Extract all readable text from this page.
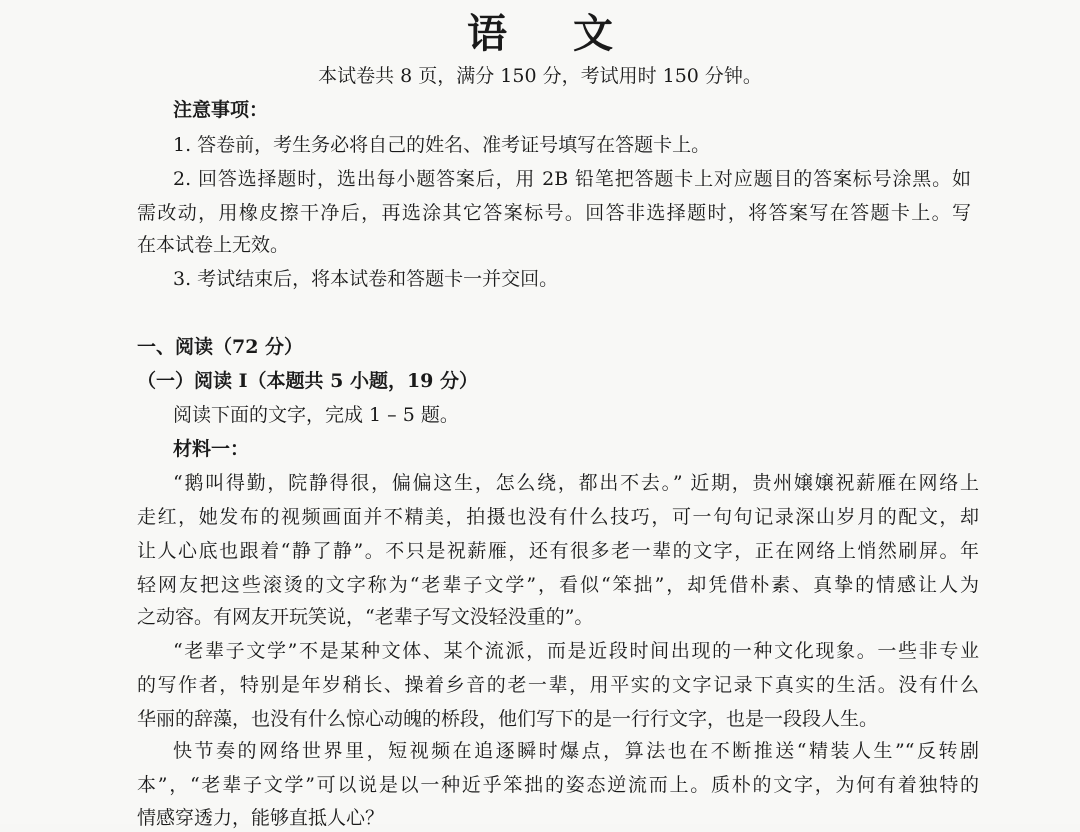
语 文
本试卷共 8 页，满分 150 分，考试用时 150 分钟。
注意事项：
1. 答卷前，考生务必将自己的姓名、准考证号填写在答题卡上。
2. 回答选择题时，选出每小题答案后，用 2B 铅笔把答题卡上对应题目的答案标号涂黑。如
需改动，用橡皮擦干净后，再选涂其它答案标号。回答非选择题时，将答案写在答题卡上。写
在本试卷上无效。
3. 考试结束后，将本试卷和答题卡一并交回。
一、阅读（72 分）
（一）阅读 I（本题共 5 小题，19 分）
阅读下面的文字，完成 1 – 5 题。
材料一：
“鹅叫得勤，院静得很，偏偏这生，怎么绕，都出不去。” 近期，贵州嬢嬢祝薪雁在网络上
走红，她发布的视频画面并不精美，拍摄也没有什么技巧，可一句句记录深山岁月的配文，却
让人心底也跟着“静了静”。不只是祝薪雁，还有很多老一辈的文字，正在网络上悄然刷屏。年
轻网友把这些滚烫的文字称为“老辈子文学”，看似“笨拙”，却凭借朴素、真挚的情感让人为
之动容。有网友开玩笑说，“老辈子写文没轻没重的”。
“老辈子文学”不是某种文体、某个流派，而是近段时间出现的一种文化现象。一些非专业
的写作者，特别是年岁稍长、操着乡音的老一辈，用平实的文字记录下真实的生活。没有什么
华丽的辞藻，也没有什么惊心动魄的桥段，他们写下的是一行行文字，也是一段段人生。
快节奏的网络世界里，短视频在追逐瞬时爆点，算法也在不断推送“精装人生”“反转剧
本”，“老辈子文学”可以说是以一种近乎笨拙的姿态逆流而上。质朴的文字，为何有着独特的
情感穿透力，能够直抵人心？
